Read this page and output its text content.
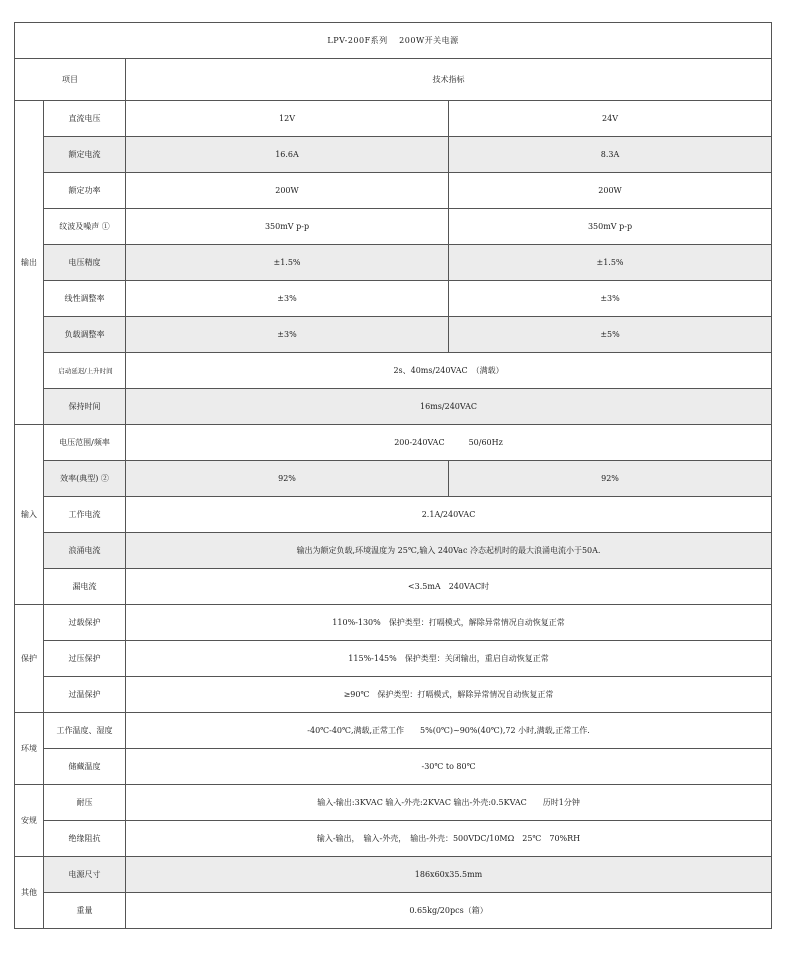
LPV-200F系列　 200W开关电源			
项目		技术指标	
输出	直流电压	12V	24V
	额定电流	16.6A	8.3A
	额定功率	200W	200W
	纹波及噪声 ①	350mV p-p	350mV p-p
	电压精度	±1.5%	±1.5%
	线性调整率	±3%	±3%
	负载调整率	±3%	±5%
	启动延迟/上升时间	2s、40ms/240VAC　（满载）	
	保持时间	16ms/240VAC	
输入	电压范围/频率	200-240VAC　　　50/60Hz	
	效率(典型) ②	92%	92%
	工作电流	2.1A/240VAC	
	浪涌电流	输出为额定负载,环境温度为 25℃,输入 240Vac 冷态起机时的最大浪涌电流小于50A.	
	漏电流	<3.5mA　240VAC时	
保护	过载保护	110%-130%　保护类型：打嗝模式，解除异常情况自动恢复正常	
	过压保护	115%-145%　保护类型：关闭输出，重启自动恢复正常	
	过温保护	≥90℃　保护类型：打嗝模式，解除异常情况自动恢复正常	
环境	工作温度、湿度	-40℃-40℃,满载,正常工作　　5%(0℃)~90%(40℃),72 小时,满载,正常工作.	
	储藏温度	-30℃ to 80℃	
安规	耐压	输入-输出:3KVAC 输入-外壳:2KVAC 输出-外壳:0.5KVAC　　历时1分钟	
	绝缘阻抗	输入-输出，　输入-外壳，　输出-外壳：500VDC/10MΩ　25℃　70%RH	
其他	电源尺寸	186x60x35.5mm	
	重量	0.65kg/20pcs（箱）	
